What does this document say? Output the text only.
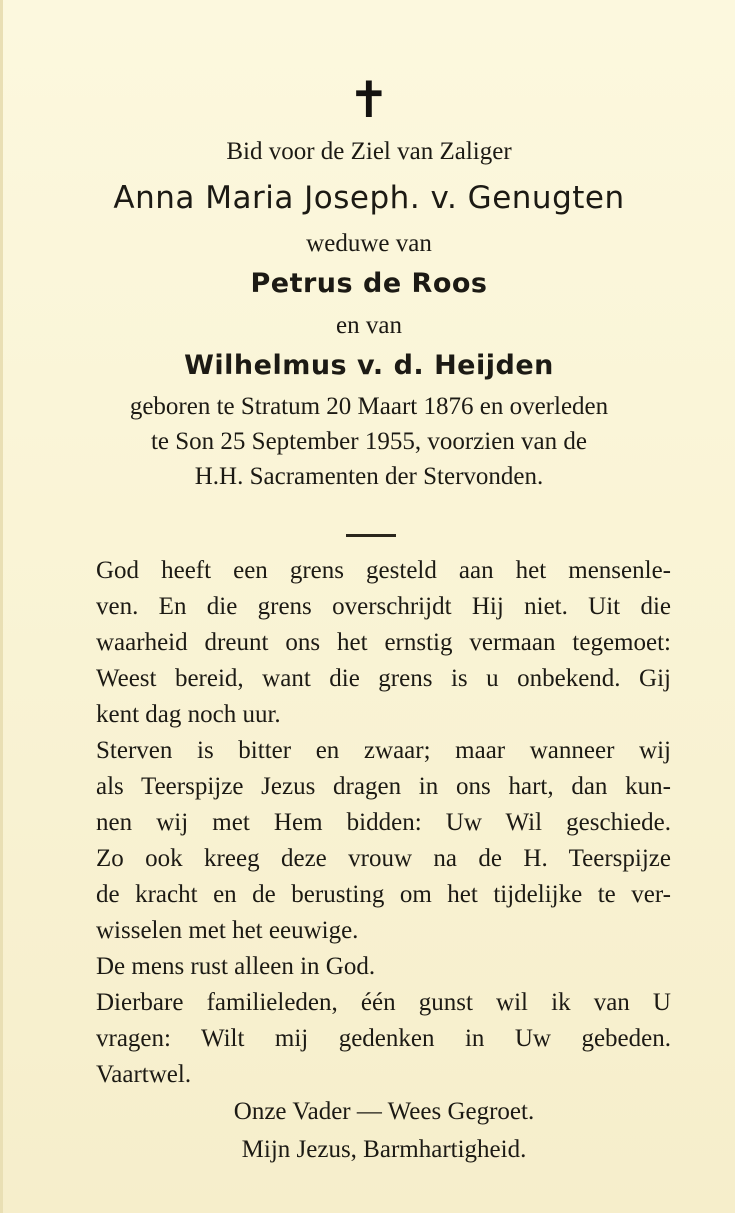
✝
Bid voor de Ziel van Zaliger
Anna Maria Joseph. v. Genugten
weduwe van
Petrus de Roos
en van
Wilhelmus v. d. Heijden
geboren te Stratum 20 Maart 1876 en overleden
te Son 25 September 1955, voorzien van de
H.H. Sacramenten der Stervonden.
God heeft een grens gesteld aan het mensenle-
ven. En die grens overschrijdt Hij niet. Uit die
waarheid dreunt ons het ernstig vermaan tegemoet:
Weest bereid, want die grens is u onbekend. Gij
kent dag noch uur.
Sterven is bitter en zwaar; maar wanneer wij
als Teerspijze Jezus dragen in ons hart, dan kun-
nen wij met Hem bidden: Uw Wil geschiede.
Zo ook kreeg deze vrouw na de H. Teerspijze
de kracht en de berusting om het tijdelijke te ver-
wisselen met het eeuwige.
De mens rust alleen in God.
Dierbare familieleden, één gunst wil ik van U
vragen: Wilt mij gedenken in Uw gebeden.
Vaartwel.
Onze Vader — Wees Gegroet.
Mijn Jezus, Barmhartigheid.
